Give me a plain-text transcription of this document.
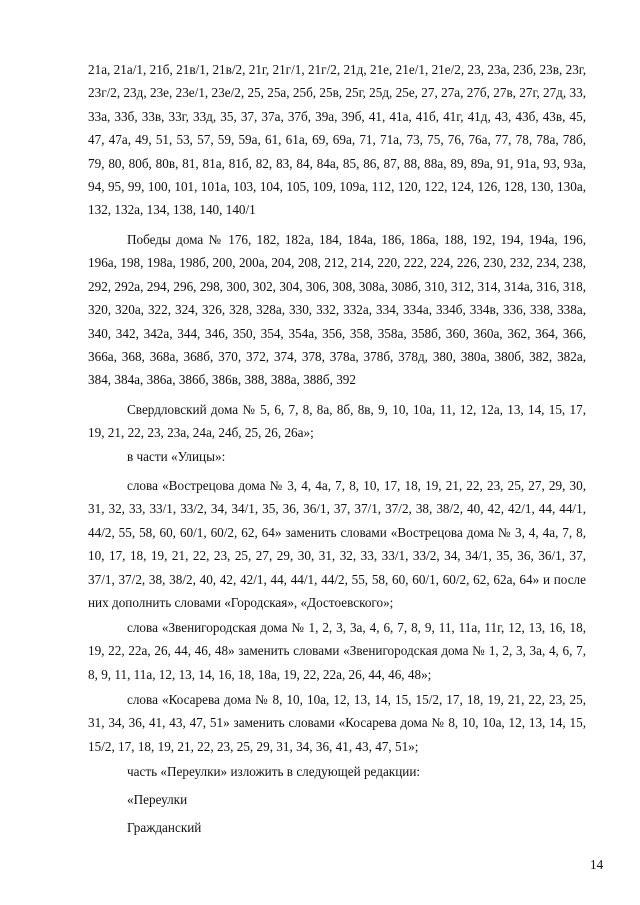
21а, 21а/1, 21б, 21в/1, 21в/2, 21г, 21г/1, 21г/2, 21д, 21е, 21е/1, 21е/2, 23, 23а, 23б, 23в, 23г, 23г/2, 23д, 23е, 23е/1, 23е/2, 25, 25а, 25б, 25в, 25г, 25д, 25е, 27, 27а, 27б, 27в, 27г, 27д, 33, 33а, 33б, 33в, 33г, 33д, 35, 37, 37а, 37б, 39а, 39б, 41, 41а, 41б, 41г, 41д, 43, 43б, 43в, 45, 47, 47а, 49, 51, 53, 57, 59, 59а, 61, 61а, 69, 69а, 71, 71а, 73, 75, 76, 76а, 77, 78, 78а, 78б, 79, 80, 80б, 80в, 81, 81а, 81б, 82, 83, 84, 84а, 85, 86, 87, 88, 88а, 89, 89а, 91, 91а, 93, 93а, 94, 95, 99, 100, 101, 101а, 103, 104, 105, 109, 109а, 112, 120, 122, 124, 126, 128, 130, 130а, 132, 132а, 134, 138, 140, 140/1

Победы дома № 176, 182, 182а, 184, 184а, 186, 186а, 188, 192, 194, 194а, 196, 196а, 198, 198а, 198б, 200, 200а, 204, 208, 212, 214, 220, 222, 224, 226, 230, 232, 234, 238, 292, 292а, 294, 296, 298, 300, 302, 304, 306, 308, 308а, 308б, 310, 312, 314, 314а, 316, 318, 320, 320а, 322, 324, 326, 328, 328а, 330, 332, 332а, 334, 334а, 334б, 334в, 336, 338, 338а, 340, 342, 342а, 344, 346, 350, 354, 354а, 356, 358, 358а, 358б, 360, 360а, 362, 364, 366, 366а, 368, 368а, 368б, 370, 372, 374, 378, 378а, 378б, 378д, 380, 380а, 380б, 382, 382а, 384, 384а, 386а, 386б, 386в, 388, 388а, 388б, 392

Свердловский дома № 5, 6, 7, 8, 8а, 8б, 8в, 9, 10, 10а, 11, 12, 12а, 13, 14, 15, 17, 19, 21, 22, 23, 23а, 24а, 24б, 25, 26, 26а»;

в части «Улицы»:

слова «Вострецова дома № 3, 4, 4а, 7, 8, 10, 17, 18, 19, 21, 22, 23, 25, 27, 29, 30, 31, 32, 33, 33/1, 33/2, 34, 34/1, 35, 36, 36/1, 37, 37/1, 37/2, 38, 38/2, 40, 42, 42/1, 44, 44/1, 44/2, 55, 58, 60, 60/1, 60/2, 62, 64» заменить словами «Вострецова дома № 3, 4, 4а, 7, 8, 10, 17, 18, 19, 21, 22, 23, 25, 27, 29, 30, 31, 32, 33, 33/1, 33/2, 34, 34/1, 35, 36, 36/1, 37, 37/1, 37/2, 38, 38/2, 40, 42, 42/1, 44, 44/1, 44/2, 55, 58, 60, 60/1, 60/2, 62, 62а, 64» и после них дополнить словами «Городская», «Достоевского»;

слова «Звенигородская дома № 1, 2, 3, 3а, 4, 6, 7, 8, 9, 11, 11а, 11г, 12, 13, 16, 18, 19, 22, 22а, 26, 44, 46, 48» заменить словами «Звенигородская дома № 1, 2, 3, 3а, 4, 6, 7, 8, 9, 11, 11а, 12, 13, 14, 16, 18, 18а, 19, 22, 22а, 26, 44, 46, 48»;

слова «Косарева дома № 8, 10, 10а, 12, 13, 14, 15, 15/2, 17, 18, 19, 21, 22, 23, 25, 31, 34, 36, 41, 43, 47, 51» заменить словами «Косарева дома № 8, 10, 10а, 12, 13, 14, 15, 15/2, 17, 18, 19, 21, 22, 23, 25, 29, 31, 34, 36, 41, 43, 47, 51»;

часть «Переулки» изложить в следующей редакции:

«Переулки

Гражданский

14
